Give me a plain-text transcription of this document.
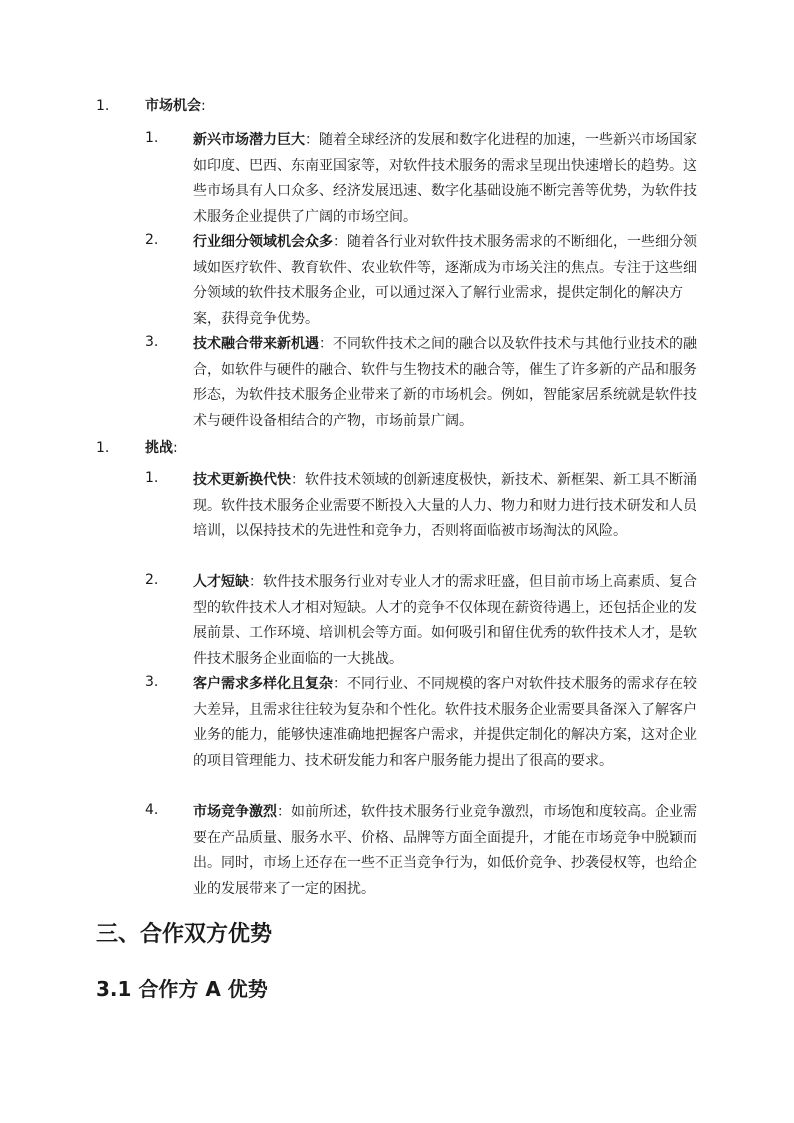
1.	市场机会:
1. 新兴市场潜力巨大：随着全球经济的发展和数字化进程的加速，一些新兴市场国家如印度、巴西、东南亚国家等，对软件技术服务的需求呈现出快速增长的趋势。这些市场具有人口众多、经济发展迅速、数字化基础设施不断完善等优势，为软件技术服务企业提供了广阔的市场空间。
2. 行业细分领域机会众多：随着各行业对软件技术服务需求的不断细化，一些细分领域如医疗软件、教育软件、农业软件等，逐渐成为市场关注的焦点。专注于这些细分领域的软件技术服务企业，可以通过深入了解行业需求，提供定制化的解决方案，获得竞争优势。
3. 技术融合带来新机遇：不同软件技术之间的融合以及软件技术与其他行业技术的融合，如软件与硬件的融合、软件与生物技术的融合等，催生了许多新的产品和服务形态，为软件技术服务企业带来了新的市场机会。例如，智能家居系统就是软件技术与硬件设备相结合的产物，市场前景广阔。
1.	挑战:
1. 技术更新换代快：软件技术领域的创新速度极快，新技术、新框架、新工具不断涌现。软件技术服务企业需要不断投入大量的人力、物力和财力进行技术研发和人员培训，以保持技术的先进性和竞争力，否则将面临被市场淘汰的风险。
2. 人才短缺：软件技术服务行业对专业人才的需求旺盛，但目前市场上高素质、复合型的软件技术人才相对短缺。人才的竞争不仅体现在薪资待遇上，还包括企业的发展前景、工作环境、培训机会等方面。如何吸引和留住优秀的软件技术人才，是软件技术服务企业面临的一大挑战。
3. 客户需求多样化且复杂：不同行业、不同规模的客户对软件技术服务的需求存在较大差异，且需求往往较为复杂和个性化。软件技术服务企业需要具备深入了解客户业务的能力，能够快速准确地把握客户需求，并提供定制化的解决方案，这对企业的项目管理能力、技术研发能力和客户服务能力提出了很高的要求。
4. 市场竞争激烈：如前所述，软件技术服务行业竞争激烈，市场饱和度较高。企业需要在产品质量、服务水平、价格、品牌等方面全面提升，才能在市场竞争中脱颖而出。同时，市场上还存在一些不正当竞争行为，如低价竞争、抄袭侵权等，也给企业的发展带来了一定的困扰。
三、合作双方优势
3.1 合作方 A 优势
